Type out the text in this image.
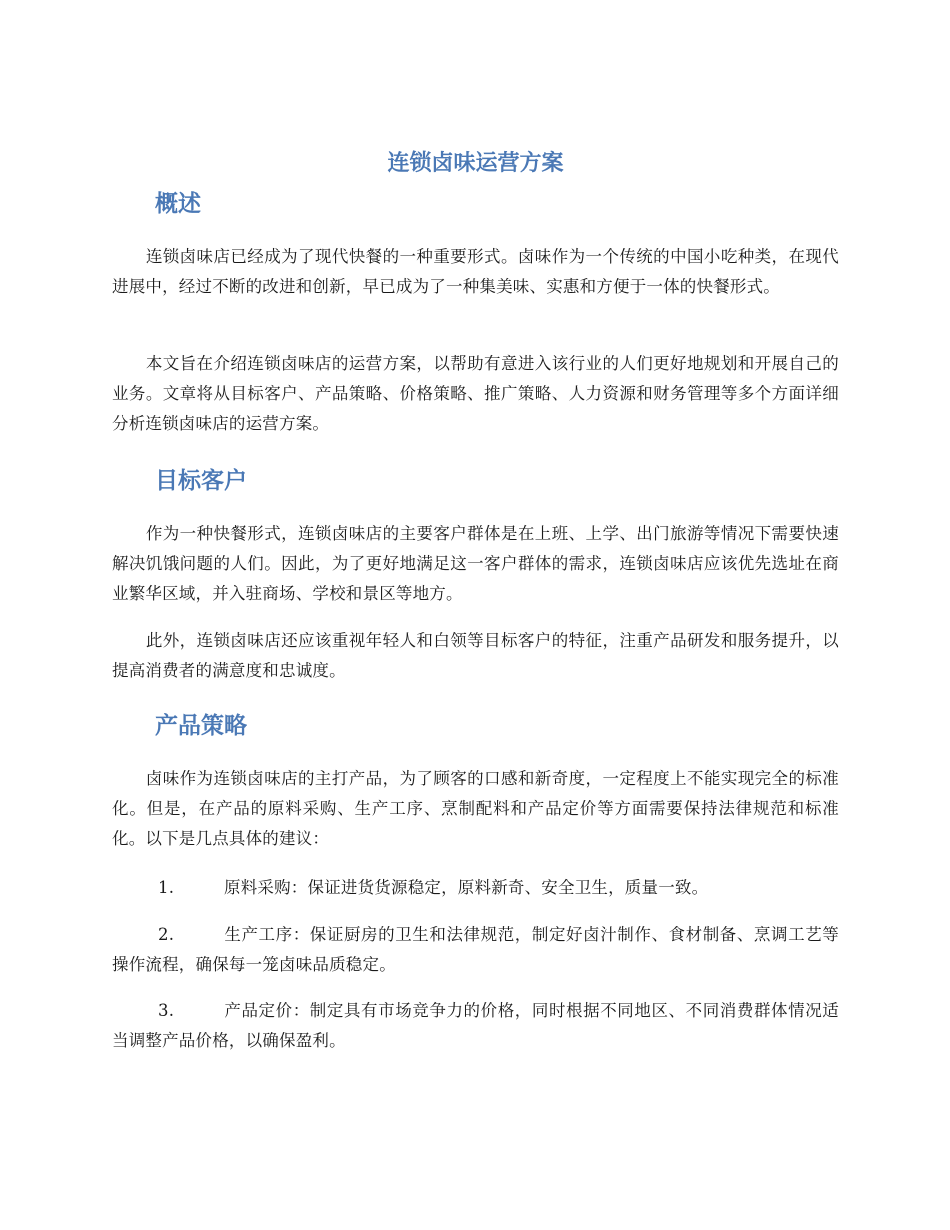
连锁卤味运营方案
概述

连锁卤味店已经成为了现代快餐的一种重要形式。卤味作为一个传统的中国小吃种类，在现代进展中，经过不断的改进和创新，早已成为了一种集美味、实惠和方便于一体的快餐形式。

本文旨在介绍连锁卤味店的运营方案，以帮助有意进入该行业的人们更好地规划和开展自己的业务。文章将从目标客户、产品策略、价格策略、推广策略、人力资源和财务管理等多个方面详细分析连锁卤味店的运营方案。

目标客户

作为一种快餐形式，连锁卤味店的主要客户群体是在上班、上学、出门旅游等情况下需要快速解决饥饿问题的人们。因此，为了更好地满足这一客户群体的需求，连锁卤味店应该优先选址在商业繁华区域，并入驻商场、学校和景区等地方。

此外，连锁卤味店还应该重视年轻人和白领等目标客户的特征，注重产品研发和服务提升，以提高消费者的满意度和忠诚度。

产品策略

卤味作为连锁卤味店的主打产品，为了顾客的口感和新奇度，一定程度上不能实现完全的标准化。但是，在产品的原料采购、生产工序、烹制配料和产品定价等方面需要保持法律规范和标准化。以下是几点具体的建议：

1.	原料采购：保证进货货源稳定，原料新奇、安全卫生，质量一致。

2.	生产工序：保证厨房的卫生和法律规范，制定好卤汁制作、食材制备、烹调工艺等操作流程，确保每一笼卤味品质稳定。

3.	产品定价：制定具有市场竞争力的价格，同时根据不同地区、不同消费群体情况适当调整产品价格，以确保盈利。
